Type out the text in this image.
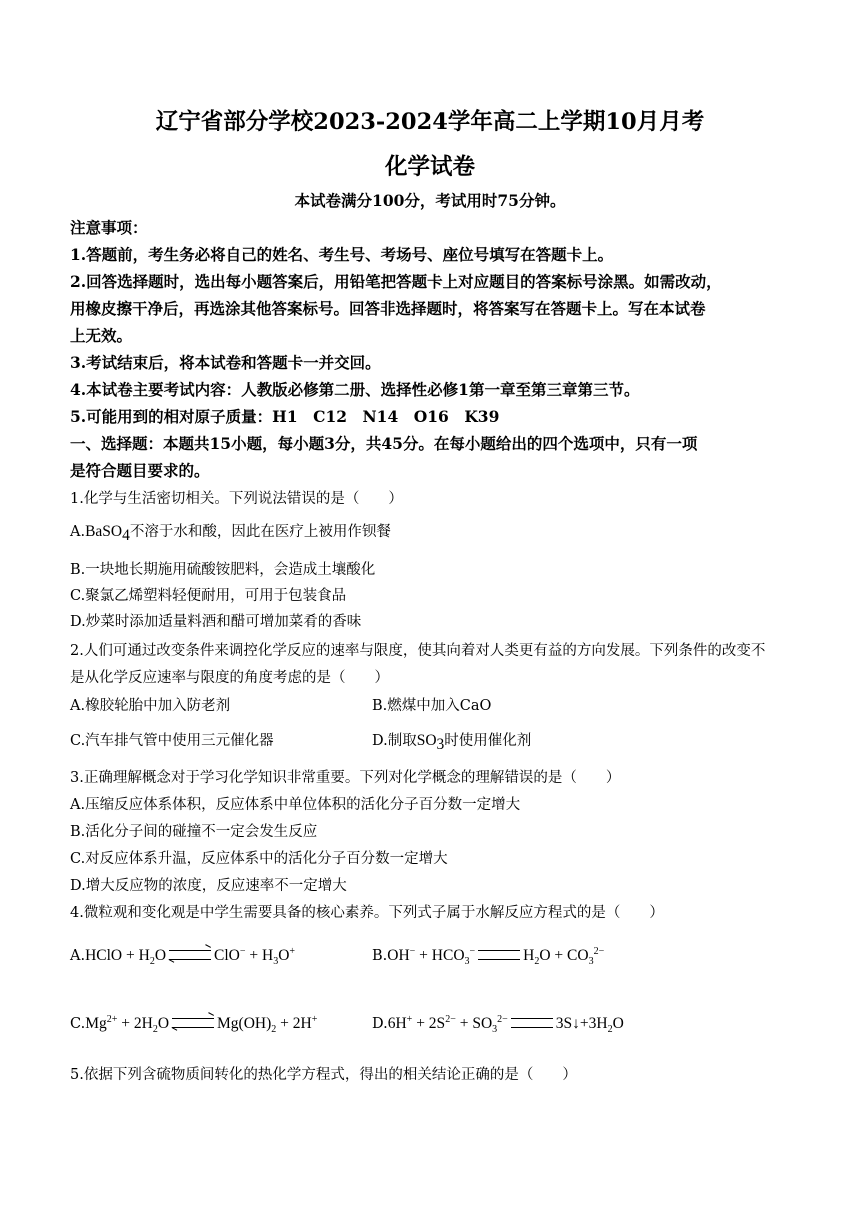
辽宁省部分学校2023-2024学年高二上学期10月月考
化学试卷
本试卷满分100分，考试用时75分钟。
注意事项：
1.答题前，考生务必将自己的姓名、考生号、考场号、座位号填写在答题卡上。
2.回答选择题时，选出每小题答案后，用铅笔把答题卡上对应题目的答案标号涂黑。如需改动，
用橡皮擦干净后，再选涂其他答案标号。回答非选择题时，将答案写在答题卡上。写在本试卷
上无效。
3.考试结束后，将本试卷和答题卡一并交回。
4.本试卷主要考试内容：人教版必修第二册、选择性必修1第一章至第三章第三节。
5.可能用到的相对原子质量：H1　C12　N14　O16　K39
一、选择题：本题共15小题，每小题3分，共45分。在每小题给出的四个选项中，只有一项
是符合题目要求的。
1.化学与生活密切相关。下列说法错误的是（　　）
A.BaSO$_4$不溶于水和酸，因此在医疗上被用作钡餐
B.一块地长期施用硫酸铵肥料，会造成土壤酸化
C.聚氯乙烯塑料轻便耐用，可用于包装食品
D.炒菜时添加适量料酒和醋可增加菜肴的香味
2.人们可通过改变条件来调控化学反应的速率与限度，使其向着对人类更有益的方向发展。下列条件的改变不
是从化学反应速率与限度的角度考虑的是（　　）
A.橡胶轮胎中加入防老剂	B.燃煤中加入CaO
C.汽车排气管中使用三元催化器	D.制取$SO_3$时使用催化剂
3.正确理解概念对于学习化学知识非常重要。下列对化学概念的理解错误的是（　　）
A.压缩反应体系体积，反应体系中单位体积的活化分子百分数一定增大
B.活化分子间的碰撞不一定会发生反应
C.对反应体系升温，反应体系中的活化分子百分数一定增大
D.增大反应物的浓度，反应速率不一定增大
4.微粒观和变化观是中学生需要具备的核心素养。下列式子属于水解反应方程式的是（　　）
A.HClO + $H_2O$	$ClO^- + H_3O^+$	$B.OH^- + HCO_3^-$	$H_2O + CO_3^{2-}$
$C.Mg^{2+} + 2H_2O$	$Mg(OH)_2 + 2H^+$	$D.6H^+ + 2S^{2-} + SO_3^{2-}$	$3S↓+3H_2O$
5.依据下列含硫物质间转化的热化学方程式，得出的相关结论正确的是（　　）
